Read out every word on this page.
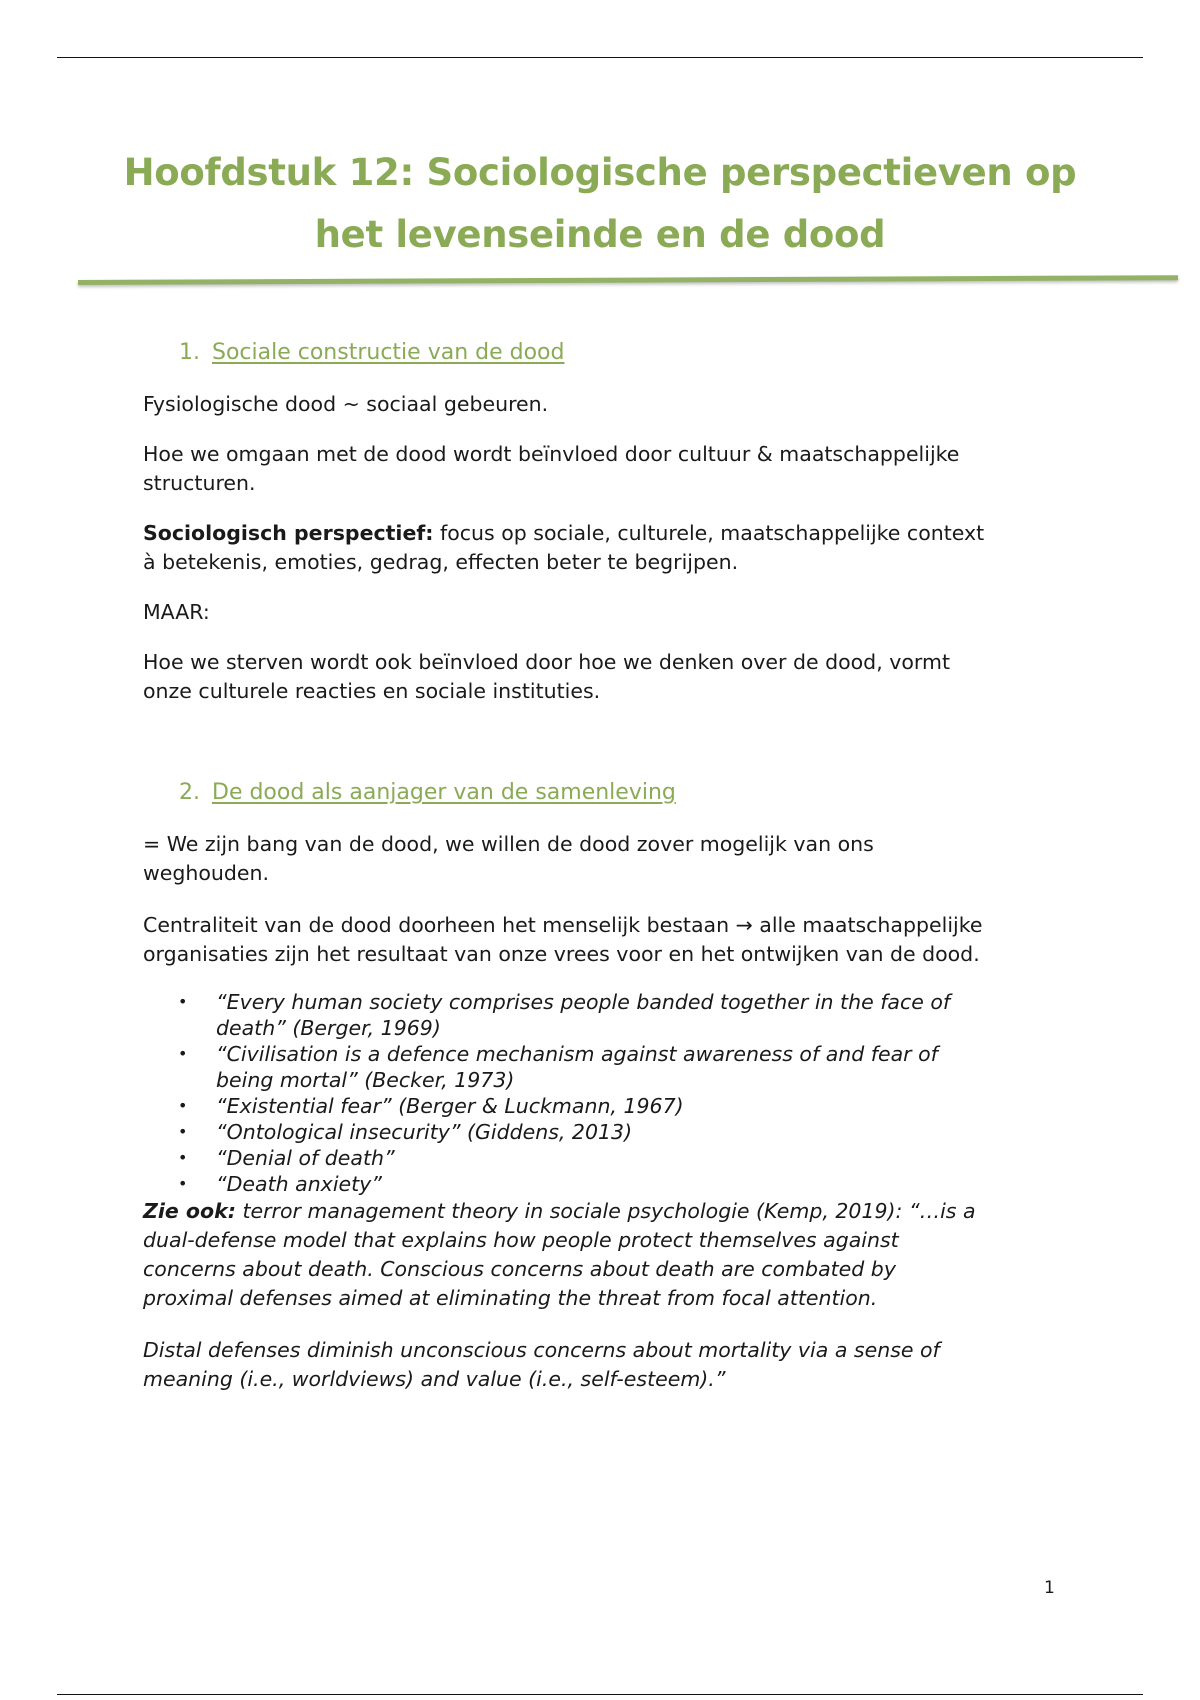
Hoofdstuk 12: Sociologische perspectieven op
het levenseinde en de dood
1. Sociale constructie van de dood
Fysiologische dood ~ sociaal gebeuren.
Hoe we omgaan met de dood wordt beïnvloed door cultuur & maatschappelijke
structuren.
Sociologisch perspectief: focus op sociale, culturele, maatschappelijke context
à betekenis, emoties, gedrag, effecten beter te begrijpen.
MAAR:
Hoe we sterven wordt ook beïnvloed door hoe we denken over de dood, vormt
onze culturele reacties en sociale instituties.
2. De dood als aanjager van de samenleving
= We zijn bang van de dood, we willen de dood zover mogelijk van ons
weghouden.
Centraliteit van de dood doorheen het menselijk bestaan → alle maatschappelijke
organisaties zijn het resultaat van onze vrees voor en het ontwijken van de dood.
• “Every human society comprises people banded together in the face of
death” (Berger, 1969)
• “Civilisation is a defence mechanism against awareness of and fear of
being mortal” (Becker, 1973)
• “Existential fear” (Berger & Luckmann, 1967)
• “Ontological insecurity” (Giddens, 2013)
• “Denial of death”
• “Death anxiety”
Zie ook: terror management theory in sociale psychologie (Kemp, 2019): “…is a
dual-defense model that explains how people protect themselves against
concerns about death. Conscious concerns about death are combated by
proximal defenses aimed at eliminating the threat from focal attention.
Distal defenses diminish unconscious concerns about mortality via a sense of
meaning (i.e., worldviews) and value (i.e., self-esteem).”
1
